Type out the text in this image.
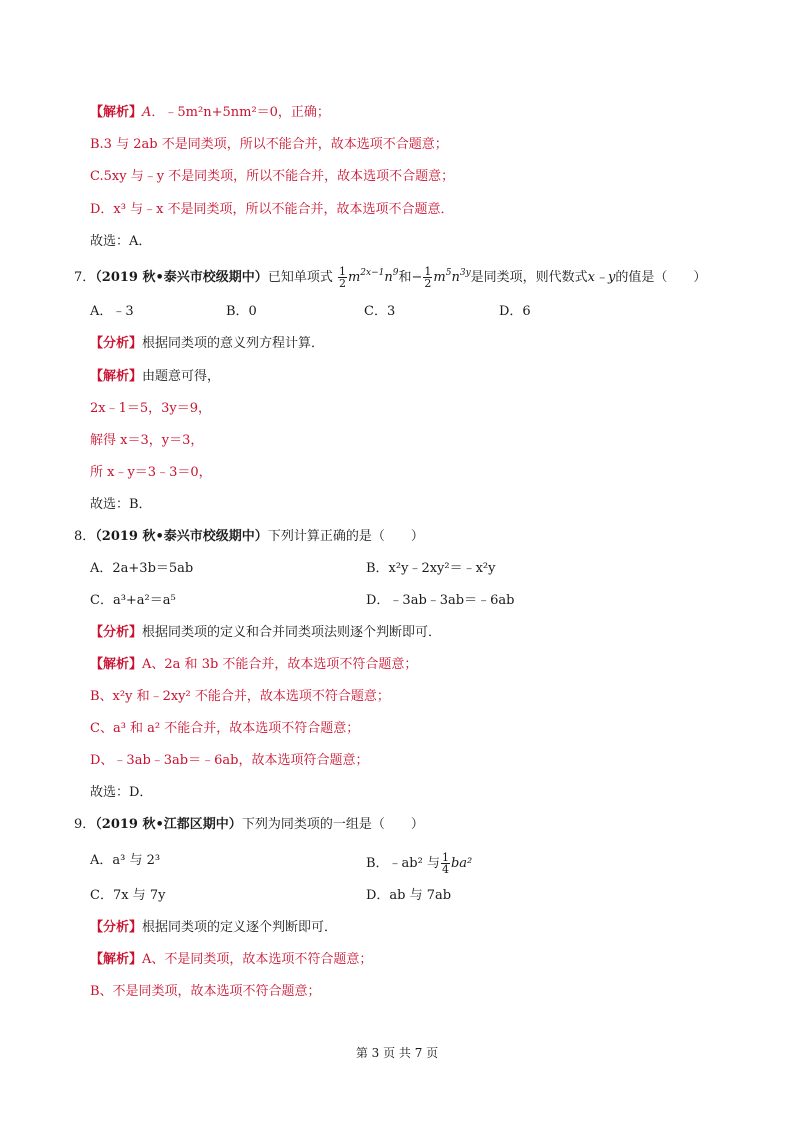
【解析】A．﹣5m²n+5nm²＝0，正确；
B.3 与 2ab 不是同类项，所以不能合并，故本选项不合题意；
C.5xy 与﹣y 不是同类项，所以不能合并，故本选项不合题意；
D．x³ 与﹣x 不是同类项，所以不能合并，故本选项不合题意．
故选：A．
7．（2019 秋•泰兴市校级期中）已知单项式 $\frac{1}{2} m^{2x-1}n^9$和− $\frac{1}{2} m^5n^{3y}$是同类项，则代数式x﹣y的值是（　　）
A．﹣3	B．0	C．3	D．6
【分析】根据同类项的意义列方程计算．
【解析】由题意可得，
2x﹣1＝5，3y＝9，
解得 x＝3，y＝3，
所 x﹣y＝3﹣3＝0，
故选：B．
8．（2019 秋•泰兴市校级期中）下列计算正确的是（　　）
A．2a+3b＝5ab	B．x²y﹣2xy²＝﹣x²y
C．a³+a²＝a⁵	D．﹣3ab﹣3ab＝﹣6ab
【分析】根据同类项的定义和合并同类项法则逐个判断即可．
【解析】A、2a 和 3b 不能合并，故本选项不符合题意；
B、x²y 和﹣2xy² 不能合并，故本选项不符合题意；
C、a³ 和 a² 不能合并，故本选项不符合题意；
D、﹣3ab﹣3ab＝﹣6ab，故本选项符合题意；
故选：D．
9．（2019 秋•江都区期中）下列为同类项的一组是（　　）
A．a³ 与 2³	B．﹣ab² 与 $\frac{1}{4} ba^2$
C．7x 与 7y	D．ab 与 7ab
【分析】根据同类项的定义逐个判断即可．
【解析】A、不是同类项，故本选项不符合题意；
B、不是同类项，故本选项不符合题意；
第 3 页 共 7 页
